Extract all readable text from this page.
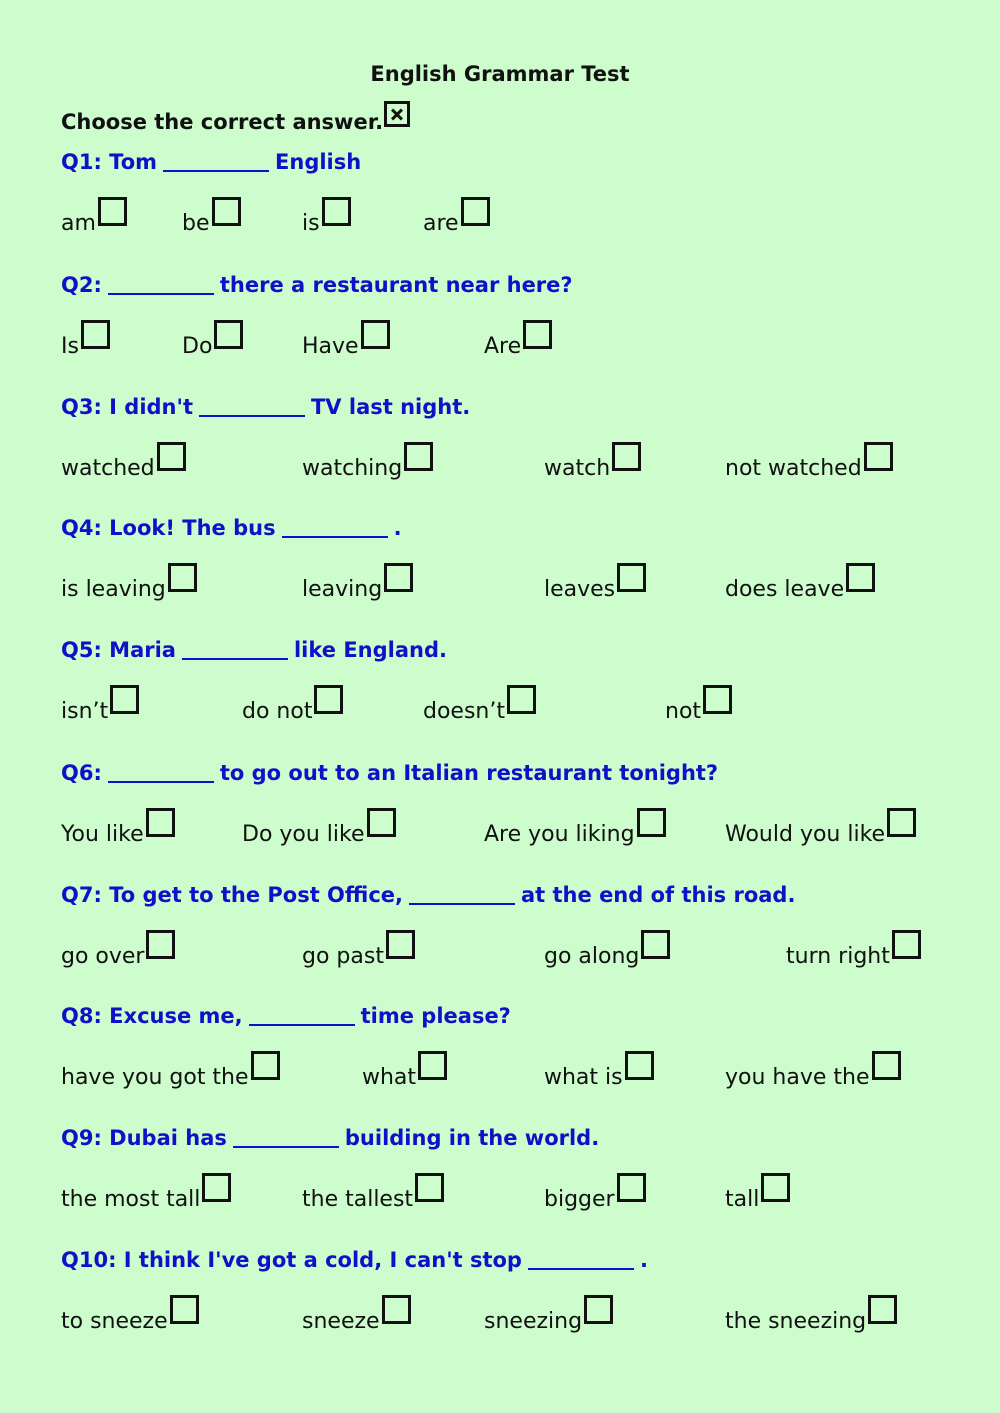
English Grammar Test
Choose the correct answer.
Q1: Tom	English
am	be	is	are
Q2:	there a restaurant near here?
Is	Do	Have	Are
Q3: I didn't	TV last night.
watched	watching	watch	not watched
Q4: Look! The bus	.
is leaving	leaving	leaves	does leave
Q5: Maria	like England.
isn’t	do not	doesn’t	not
Q6:	to go out to an Italian restaurant tonight?
You like	Do you like	Are you liking	Would you like
Q7: To get to the Post Office,	at the end of this road.
go over	go past	go along	turn right
Q8: Excuse me,	time please?
have you got the	what	what is	you have the
Q9: Dubai has	building in the world.
the most tall	the tallest	bigger	tall
Q10: I think I've got a cold, I can't stop	.
to sneeze	sneeze	sneezing	the sneezing
